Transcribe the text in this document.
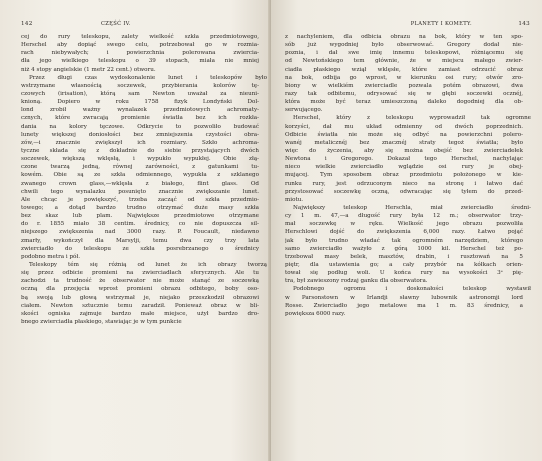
142	CZĘŚĆ IV.
cej do rury teleskopu, zalety wielkość szkła przedmiotowego,
Herschel aby dopiąć swego celu, potrzebował go w rozmia-
rach niebywałych; i powierzchnia polerowana zwiercia-
dła jego wielkiego teleskopu o 39 stopach, miała nie mniej
niż 4 stopy angielskie (1 metr 22 cent.) otworu.
Przez długi czas wydoskonalenie lunet i teleskopów było
wstrzymane własnością soczewek, przybierania kolorów tę-
czowych (irisation), którą sam Newton uważał za nieuni-
knioną. Dopiero w roku 1758 fizyk Londyński Dol-
lond zrobił ważny wynalazek przedmiotowych achromaty-
cznych, które zwracają promienie światła bez ich rozkła-
dania na kolory tęczowe. Odkrycie to pozwoliło budować
lunety większej doniosłości bez zmniejszenia czystości obra-
zów,—i znacznie zwiększył ich rozmiary. Szkło achroma-
tyczne składa się z dokładnie do siebie przystających dwóch
soczewek, większą wklęsłą, i wypukło wypukłej. Obie złą-
czone twarzą jedną, równej zarówności, z gatunkami tu-
kowém. Obie są ze szkła odmiennego, wypukła z szklanego
zwanego crown glass,—wklęsła z białego, flint glass. Od
chwili tego wynalazku posunięto znacznie zwiększanie lunet.
Ale chcąc je powiększyć, trzeba zacząć od szkła przedmio-
towego; a dotąd bardzo trudno otrzymać duże masy szkła
bez skaz lub plam. Największe przedmiotowe otrzymane
do r. 1855 miało 38 centim. średnicy, co nie dopuszcza sil-
niejszego zwiększenia nad 3000 razy. P. Foucault, niedawno
zmarły, wykończył dla Marsylji, temu dwa czy trzy lata
zwierciadło do teleskopu ze szkła posrebrzanego o średnicy
podobno metra i pół.
Teleskopy tém się różnią od lunet że ich obrazy tworzą
się przez odbicie promieni na zwierciadłach sferycznych. Ale tu
zachodzi ta trudność że obserwator nie może stanąć ze soczewką
oczną dla przejęcia wprost promieni obrazu odbitego, boby oso-
bą swoją lub głową wstrzymał je, niejako przeszkodził obrazowi
ciałem. Newton sztucznie temu zaradził. Ponieważ obraz w bli-
skości ogniska zajmuje bardzo małe miejsce, użył bardzo dro-
bnego zwierciadła płaskiego, stawiając je w tym punkcie
PLANETY I KOMETY.	143
z nachyleniem, dla odbicia obrazu na bok, który w ten spo-
sób już wygodniej było obserwować. Gregory dodał nie-
poznia, i dał swe imię innemu teleskopowi, różniącemu się
od Newtońskiego tem głównie, że w miejscu małego zwier-
ciadła płaskiego wziął wklęsłe, które zamiast odrzucić obraz
na bok, odbija go wprost, w kierunku osi rury; otwór zro-
biony w wielkiém zwierciadle pozwala potém obrazowi, dwa
razy tak odbitemu, odrysować się w głębi soczewki ocznéj,
która może być teraz umieszczoną daleko dogodniej dla ob-
serwującego.
Herschel, który z teleskopu wyprowadził tak ogromne
korzyści, dał mu układ odmienny od dwóch poprzednich.
Odbicie światła nie może się odbyć na powierzchni polero-
wanéj metalicznéj bez znacznéj straty tegoż światła; było
więc do życzenia, aby się można obejść bez zwierciadełek
Newtona i Gregorego. Dokazał tego Herschel, nachylając
nieco wielkie zwierciadło wglądzie osi rury je obej-
mującej. Tym sposobem obraz przedmiotu położonego w kie-
runku rury, jest odrzuconym nieco na stronę i łatwo dać
przystosować soczewkę oczną, odwracając się tyłem do przed-
miotu.
Największy teleskop Herschla, miał zwierciadło średni-
cy 1 m. 47,—a długość rury była 12 m.; obserwator trzy-
mał soczewkę w ręku. Wielkość jego obrazu pozwoliła
Herschlowi dojść do zwiększenia 6,000 razy. Łatwo pojąć
jak było trudno władać tak ogromném narzędziem, którego
samo zwierciadło ważyło z górą 1000 kil. Herschel też po-
trzebował masy belek, masztów, drabin, i rusztowań na 5
piętr, dla ustawienia go; a cały przybór na kółkach orien-
tował się podług woli. U końca rury na wysokości 3ᵉ pię-
tra, był zawieszony rodzaj ganku dla obserwatora.
Podobnego ogromu i doskonałości teleskop wystawił
w Parsonstown w Irlandji sławny lubownik astronomji lord
Rosse. Zwierciadło jego metalowe ma 1 m. 83 średnicy, a
powiększa 6000 razy.
